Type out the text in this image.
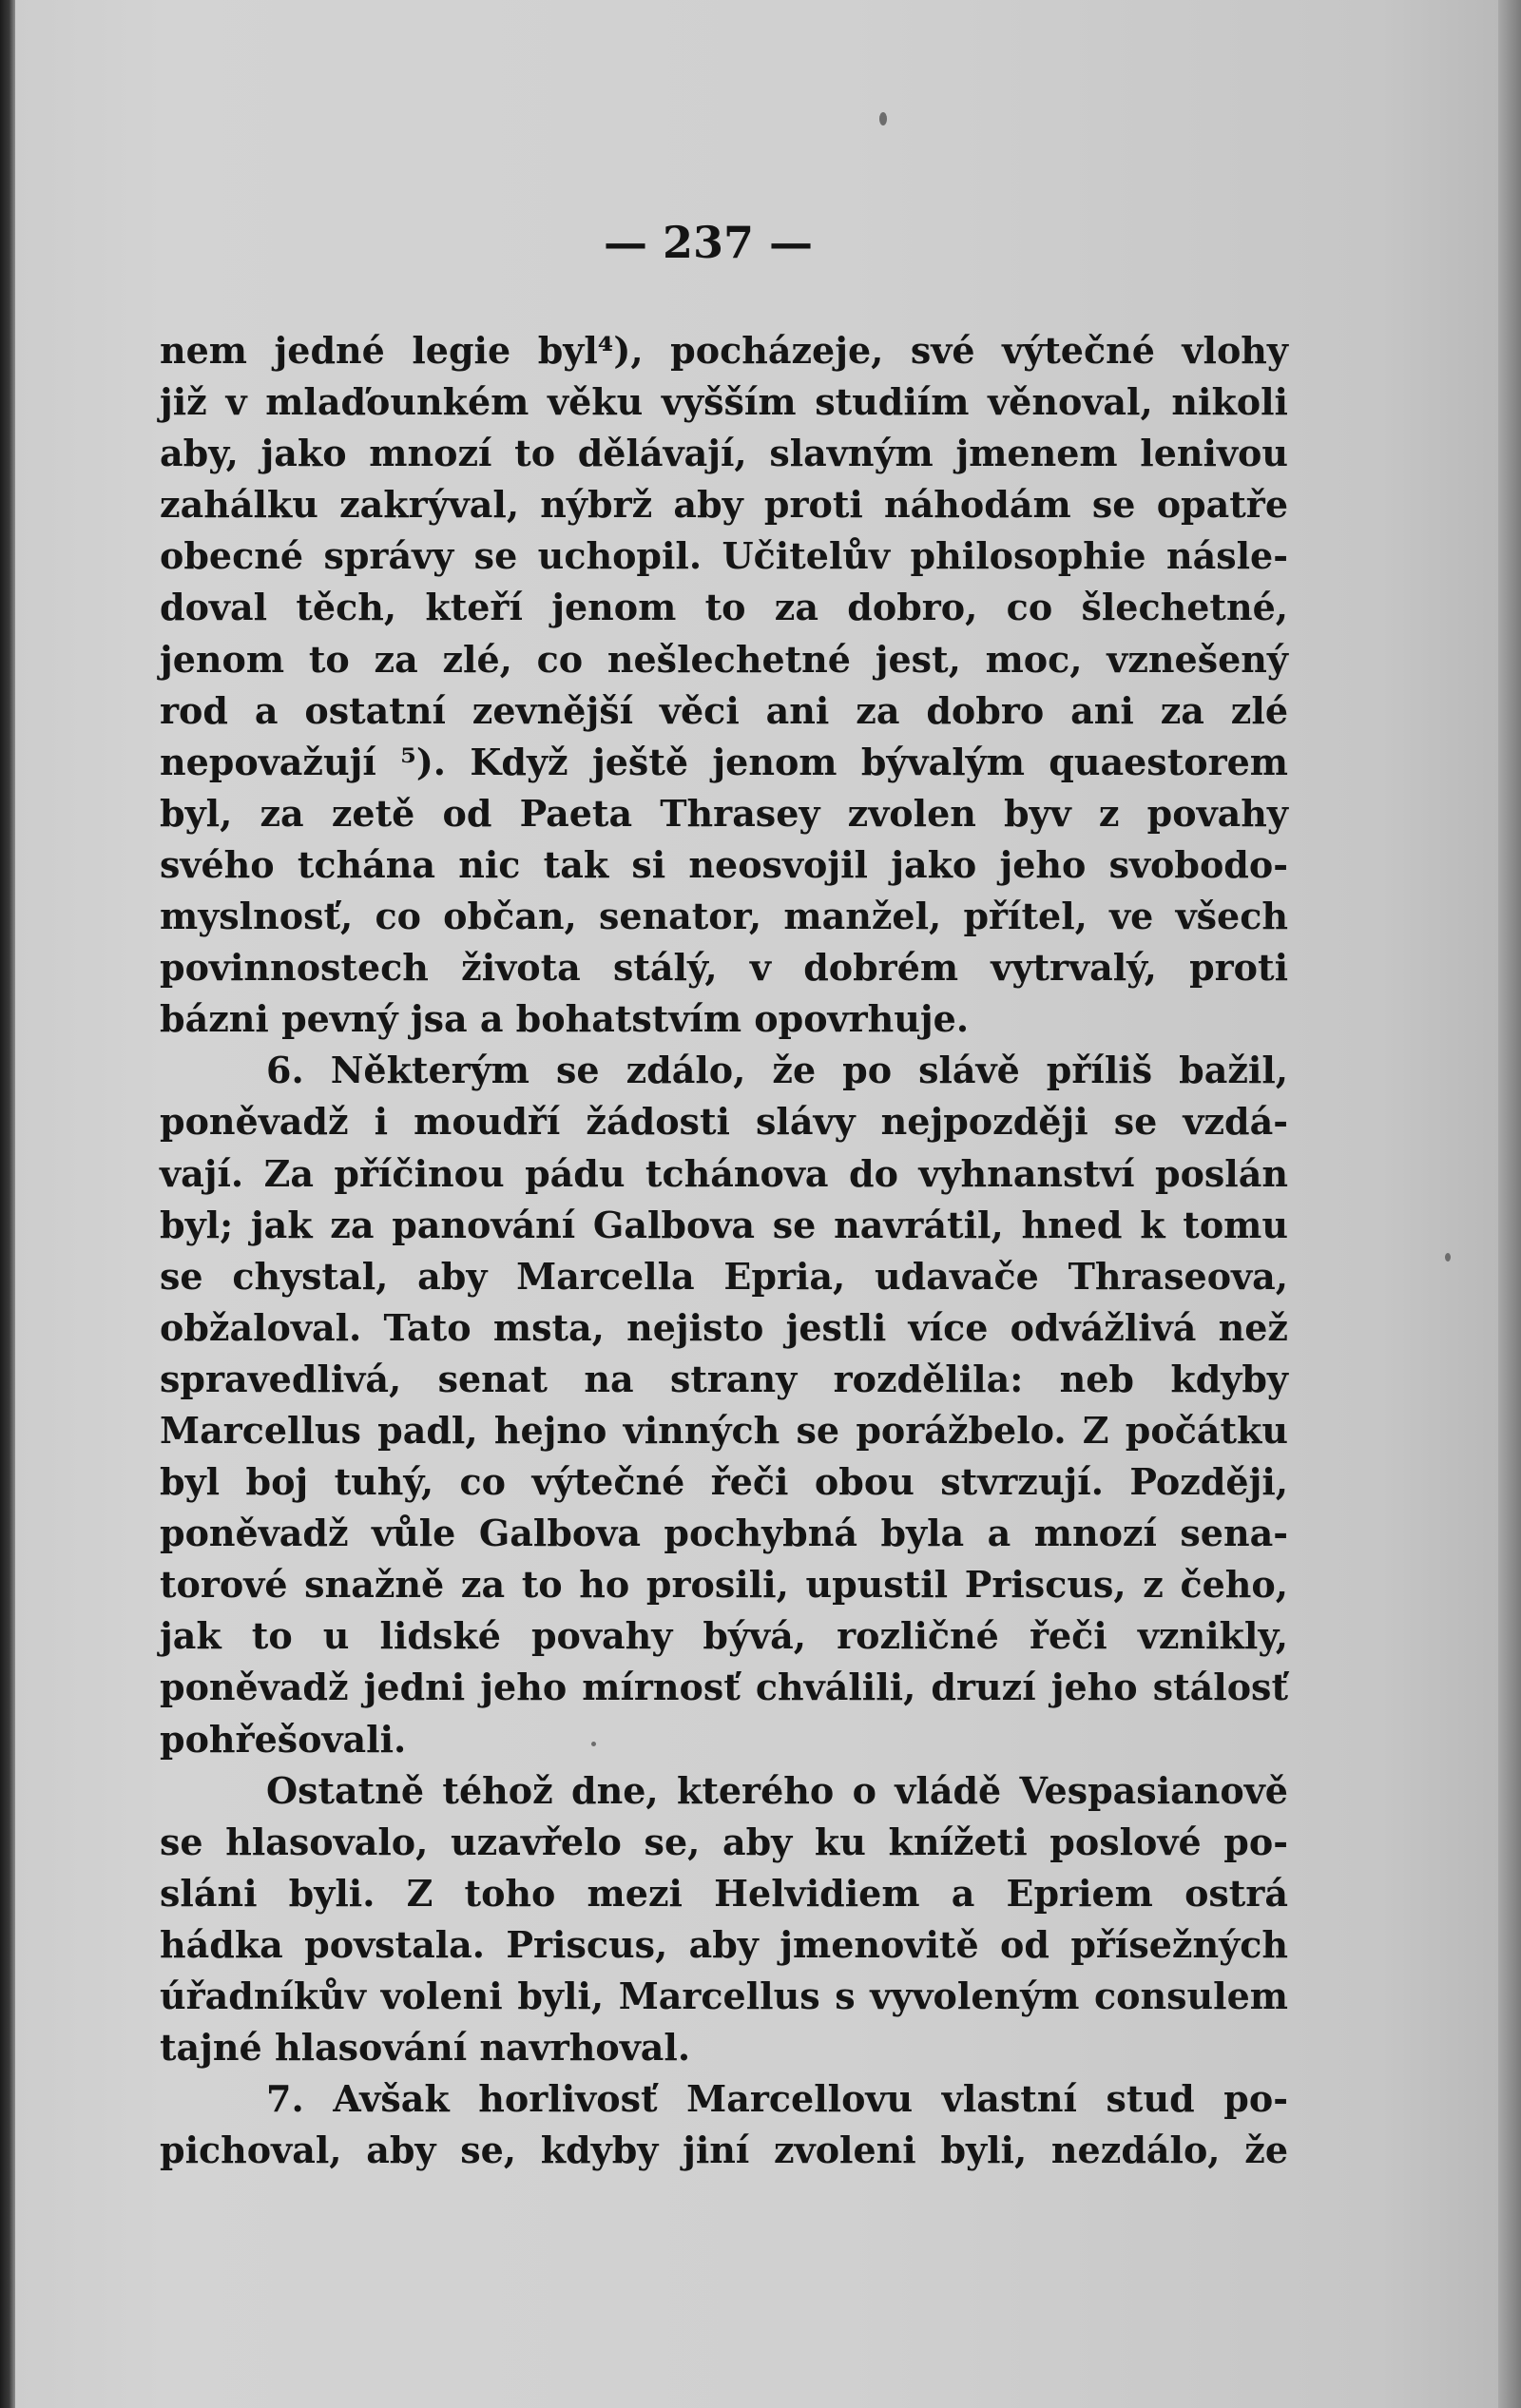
— 237 —
nem jedné legie byl⁴), pocházeje, své výtečné vlohy
již v mlaďounkém věku vyšším studiím věnoval, nikoli
aby, jako mnozí to dělávají, slavným jmenem lenivou
zahálku zakrýval, nýbrž aby proti náhodám se opatře
obecné správy se uchopil. Učitelův philosophie násle-
doval těch, kteří jenom to za dobro, co šlechetné,
jenom to za zlé, co nešlechetné jest, moc, vznešený
rod a ostatní zevnější věci ani za dobro ani za zlé
nepovažují ⁵). Když ještě jenom bývalým quaestorem
byl, za zetě od Paeta Thrasey zvolen byv z povahy
svého tchána nic tak si neosvojil jako jeho svobodo-
myslnosť, co občan, senator, manžel, přítel, ve všech
povinnostech života stálý, v dobrém vytrvalý, proti
bázni pevný jsa a bohatstvím opovrhuje.
6. Některým se zdálo, že po slávě příliš bažil,
poněvadž i moudří žádosti slávy nejpozději se vzdá-
vají. Za příčinou pádu tchánova do vyhnanství poslán
byl; jak za panování Galbova se navrátil, hned k tomu
se chystal, aby Marcella Epria, udavače Thraseova,
obžaloval. Tato msta, nejisto jestli více odvážlivá než
spravedlivá, senat na strany rozdělila: neb kdyby
Marcellus padl, hejno vinných se porážbelo. Z počátku
byl boj tuhý, co výtečné řeči obou stvrzují. Později,
poněvadž vůle Galbova pochybná byla a mnozí sena-
torové snažně za to ho prosili, upustil Priscus, z čeho,
jak to u lidské povahy bývá, rozličné řeči vznikly,
poněvadž jedni jeho mírnosť chválili, druzí jeho stálosť
pohřešovali.
Ostatně téhož dne, kterého o vládě Vespasianově
se hlasovalo, uzavřelo se, aby ku knížeti poslové po-
sláni byli. Z toho mezi Helvidiem a Epriem ostrá
hádka povstala. Priscus, aby jmenovitě od přísežných
úřadníkův voleni byli, Marcellus s vyvoleným consulem
tajné hlasování navrhoval.
7. Avšak horlivosť Marcellovu vlastní stud po-
pichoval, aby se, kdyby jiní zvoleni byli, nezdálo, že
